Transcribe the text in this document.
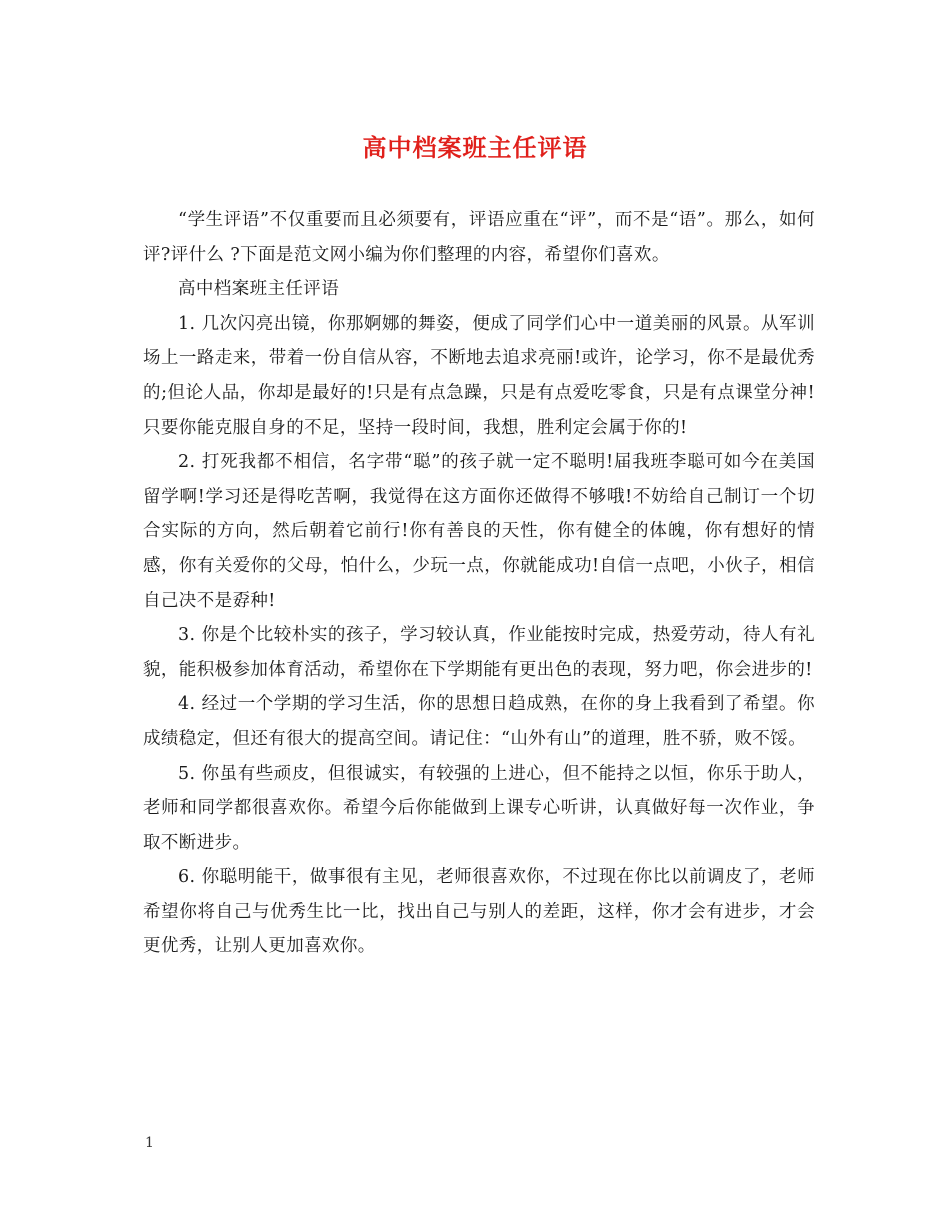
高中档案班主任评语

“学生评语”不仅重要而且必须要有，评语应重在“评”，而不是“语”。那么，如何评?评什么 ?下面是范文网小编为你们整理的内容，希望你们喜欢。

高中档案班主任评语

1. 几次闪亮出镜，你那婀娜的舞姿，便成了同学们心中一道美丽的风景。从军训场上一路走来，带着一份自信从容，不断地去追求亮丽!或许，论学习，你不是最优秀的;但论人品，你却是最好的!只是有点急躁，只是有点爱吃零食，只是有点课堂分神!只要你能克服自身的不足，坚持一段时间，我想，胜利定会属于你的!

2. 打死我都不相信，名字带“聪”的孩子就一定不聪明!届我班李聪可如今在美国留学啊!学习还是得吃苦啊，我觉得在这方面你还做得不够哦!不妨给自己制订一个切合实际的方向，然后朝着它前行!你有善良的天性，你有健全的体魄，你有想好的情感，你有关爱你的父母，怕什么，少玩一点，你就能成功!自信一点吧，小伙子，相信自己决不是孬种!

3. 你是个比较朴实的孩子，学习较认真，作业能按时完成，热爱劳动，待人有礼貌，能积极参加体育活动，希望你在下学期能有更出色的表现，努力吧，你会进步的!

4. 经过一个学期的学习生活，你的思想日趋成熟，在你的身上我看到了希望。你成绩稳定，但还有很大的提高空间。请记住：“山外有山”的道理，胜不骄，败不馁。

5. 你虽有些顽皮，但很诚实，有较强的上进心，但不能持之以恒，你乐于助人，老师和同学都很喜欢你。希望今后你能做到上课专心听讲，认真做好每一次作业，争取不断进步。

6. 你聪明能干，做事很有主见，老师很喜欢你，不过现在你比以前调皮了，老师希望你将自己与优秀生比一比，找出自己与别人的差距，这样，你才会有进步，才会更优秀，让别人更加喜欢你。

1
